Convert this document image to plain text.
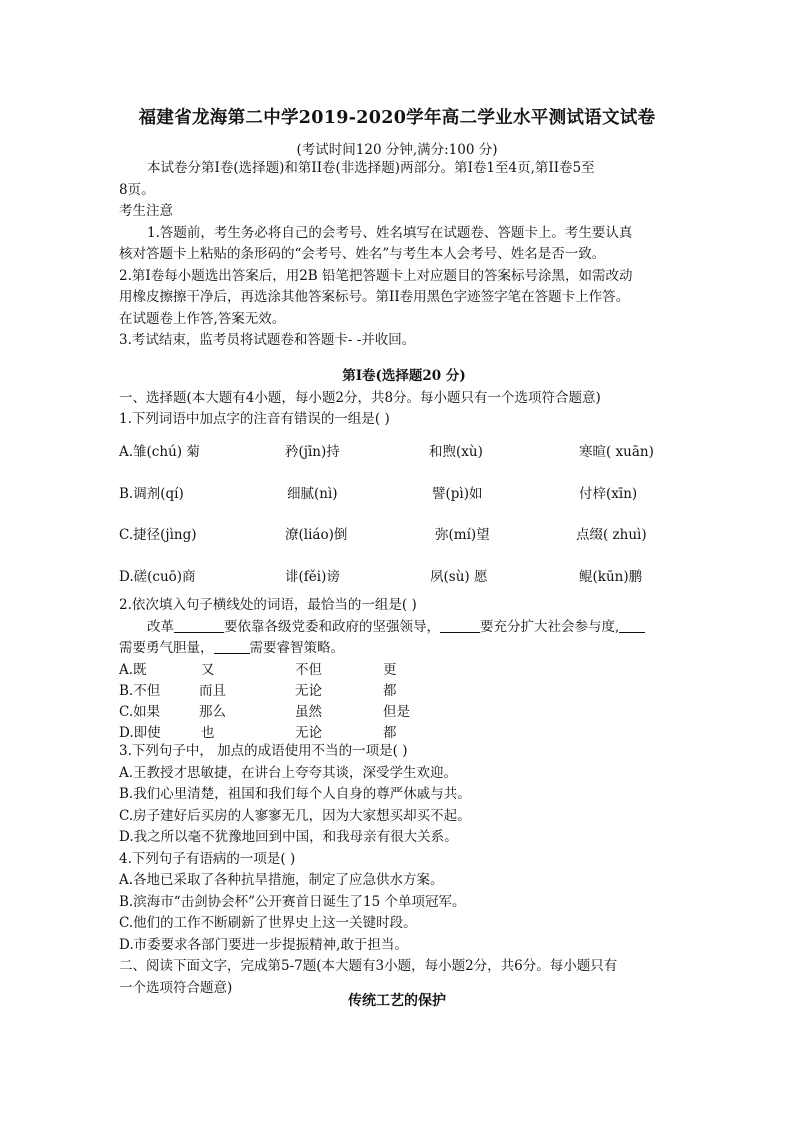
福建省龙海第二中学2019-2020学年高二学业水平测试语文试卷
(考试时间120 分钟,满分:100 分)
本试卷分第I卷(选择题)和第II卷(非选择题)两部分。第I卷1至4页,第II卷5至
8页。
考生注意
1.答题前，考生务必将自己的会考号、姓名填写在试题卷、答题卡上。考生要认真
核对答题卡上粘贴的条形码的“会考号、姓名”与考生本人会考号、姓名是否一致。
2.第I卷每小题选出答案后，用2B 铅笔把答题卡上对应题目的答案标号涂黑，如需改动
用橡皮擦擦干净后，再选涂其他答案标号。第II卷用黑色字迹签字笔在答题卡上作答。
在试题卷上作答,答案无效。
3.考试结束，监考员将试题卷和答题卡- -并收回。
第I卷(选择题20 分)
一、选择题(本大题有4小题，每小题2分，共8分。每小题只有一个选项符合题意)
1.下列词语中加点字的注音有错误的一组是( )
A.雏(chú) 菊	矜(jīn)持	和煦(xù)	寒暄( xuān)
B.调剂(qí)	细腻(nì)	譬(pì)如	付梓(xīn)
C.捷径(jìng)	潦(liáo)倒	弥(mí)望	点缀( zhuì)
D.磋(cuō)商	诽(fěi)谤	夙(sù) 愿	鲲(kūn)鹏
2.依次填入句子横线处的词语，最恰当的一组是( )
改革	要依靠各级党委和政府的坚强领导，	要充分扩大社会参与度,
需要勇气胆量，	需要睿智策略。
A.既	又	不但	更
B.不但	而且	无论	都
C.如果	那么	虽然	但是
D.即使	也	无论	都
3.下列句子中， 加点的成语使用不当的一项是( )
A.王教授才思敏捷，在讲台上夸夸其谈，深受学生欢迎。
B.我们心里清楚，祖国和我们每个人自身的尊严休戚与共。
C.房子建好后买房的人寥寥无几，因为大家想买却买不起。
D.我之所以毫不犹豫地回到中国，和我母亲有很大关系。
4.下列句子有语病的一项是( )
A.各地已采取了各种抗旱措施，制定了应急供水方案。
B.滨海市“击剑协会杯”公开赛首日诞生了15 个单项冠军。
C.他们的工作不断刷新了世界史上这一关键时段。
D.市委要求各部门要进一步提振精神,敢于担当。
二、阅读下面文字，完成第5-7题(本大题有3小题，每小题2分，共6分。每小题只有
一个选项符合题意)
传统工艺的保护
